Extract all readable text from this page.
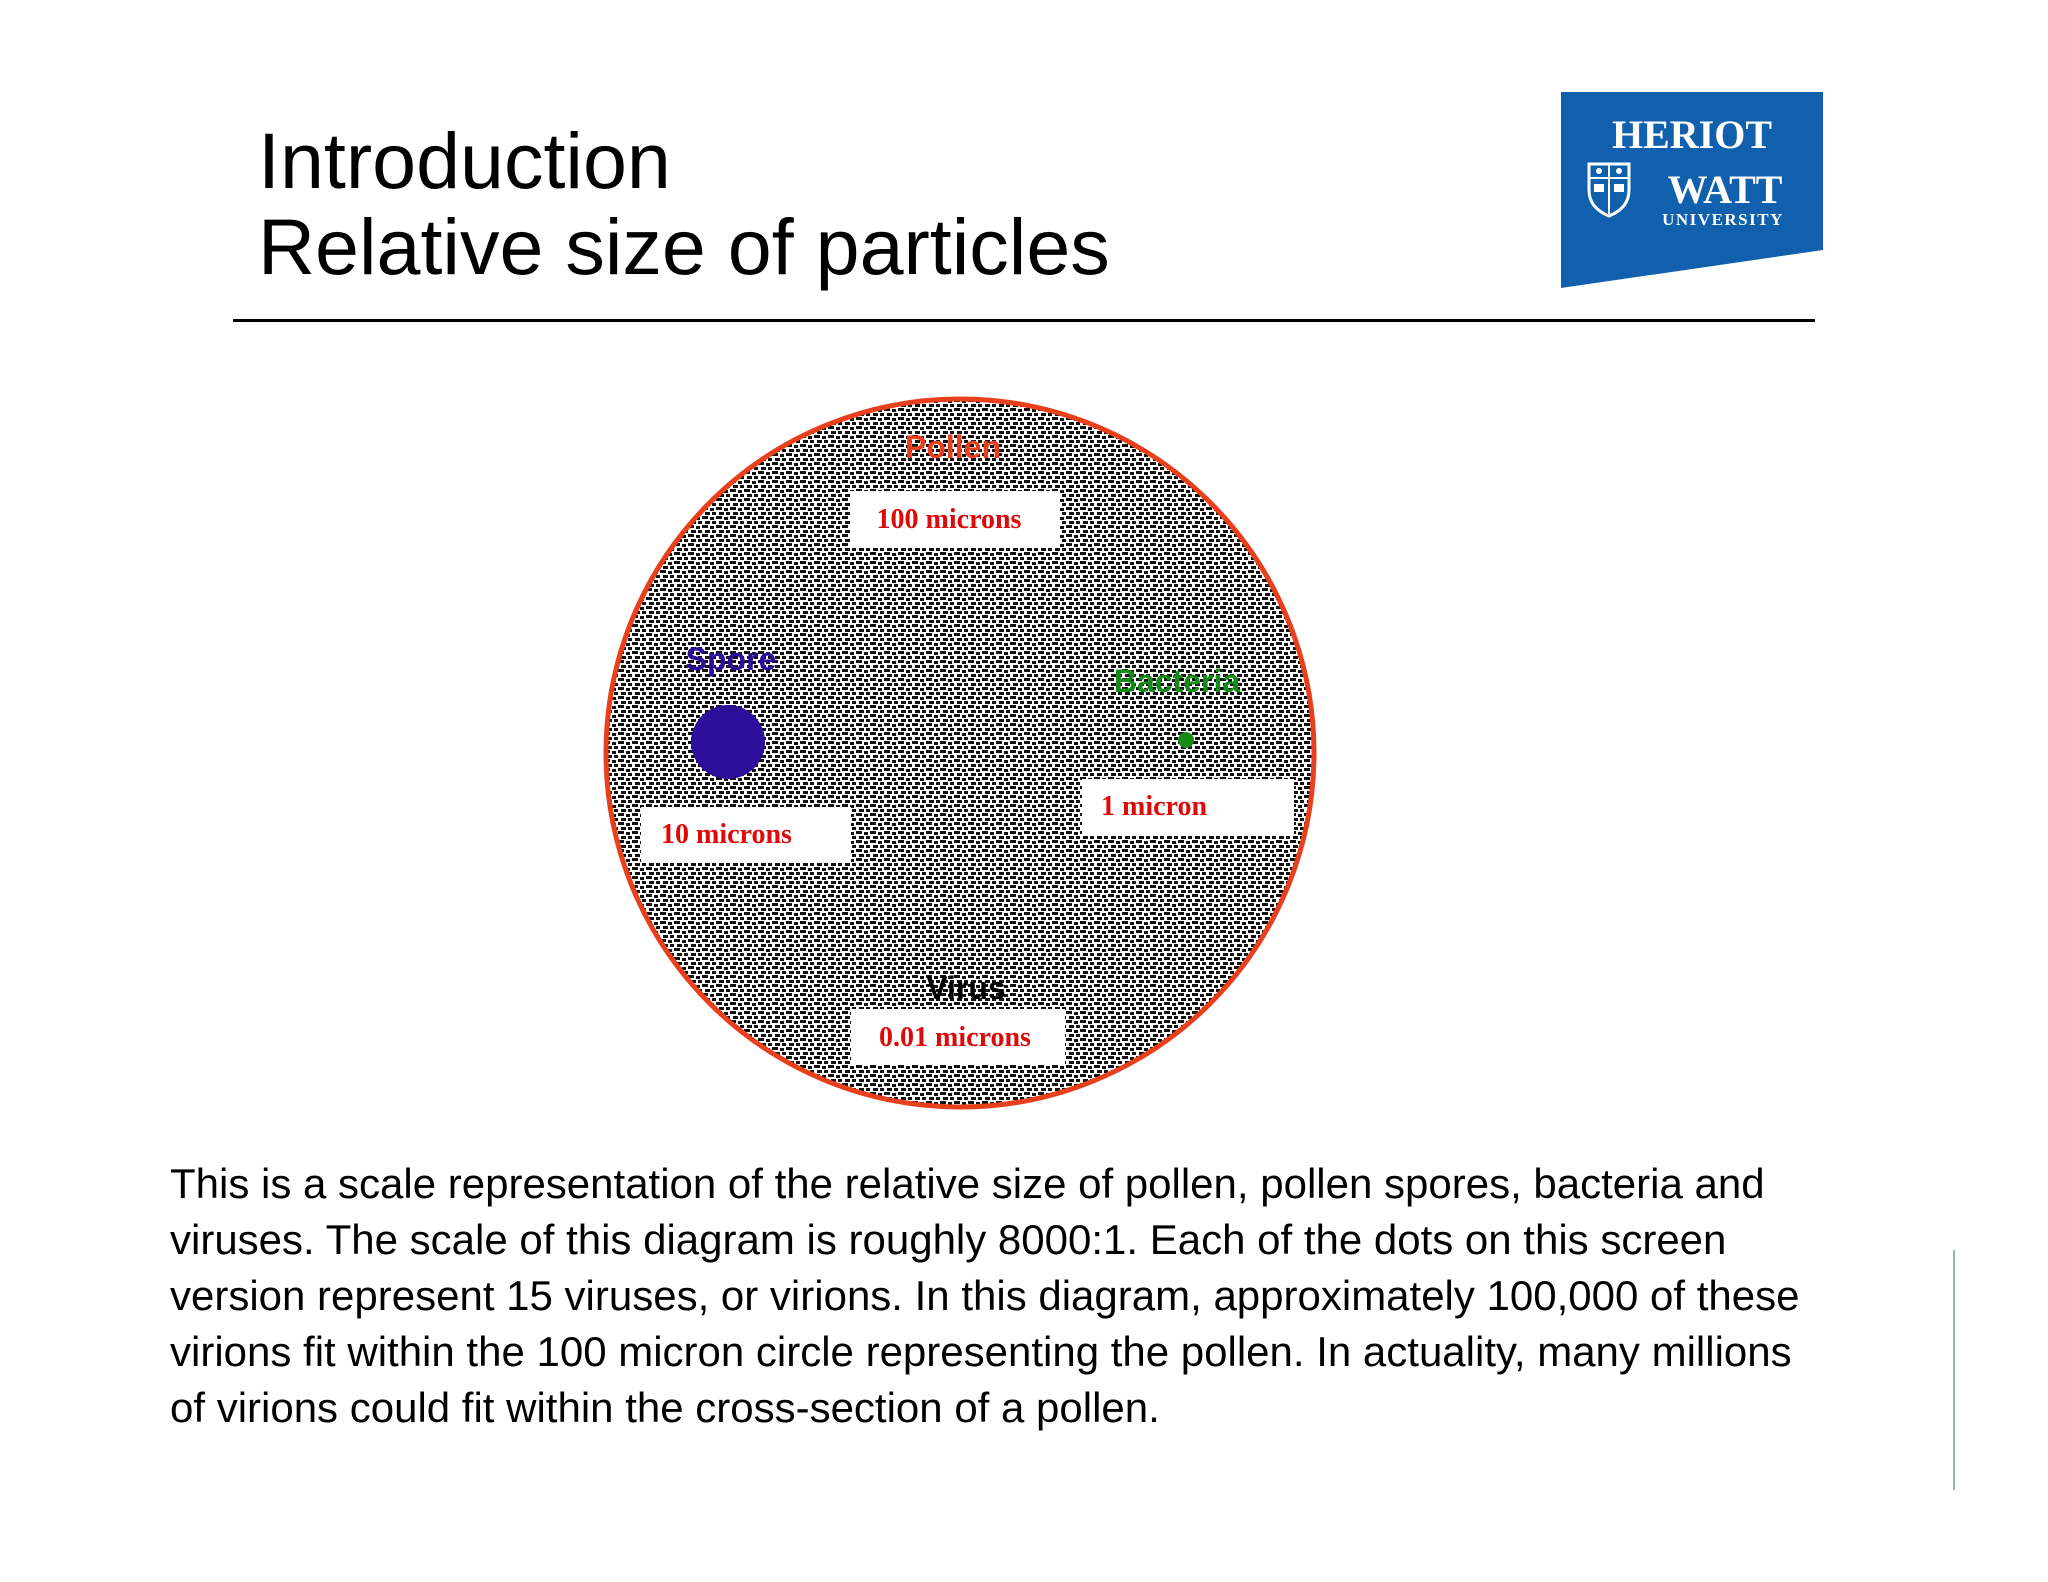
Introduction
Relative size of particles
HERIOT
WATT
UNIVERSITY
Pollen
100 microns
Spore
10 microns
Bacteria
1 micron
Virus
0.01 microns

This is a scale representation of the relative size of pollen, pollen spores, bacteria and viruses. The scale of this diagram is roughly 8000:1. Each of the dots on this screen version represent 15 viruses, or virions. In this diagram, approximately 100,000 of these virions fit within the 100 micron circle representing the pollen. In actuality, many millions of virions could fit within the cross-section of a pollen.
